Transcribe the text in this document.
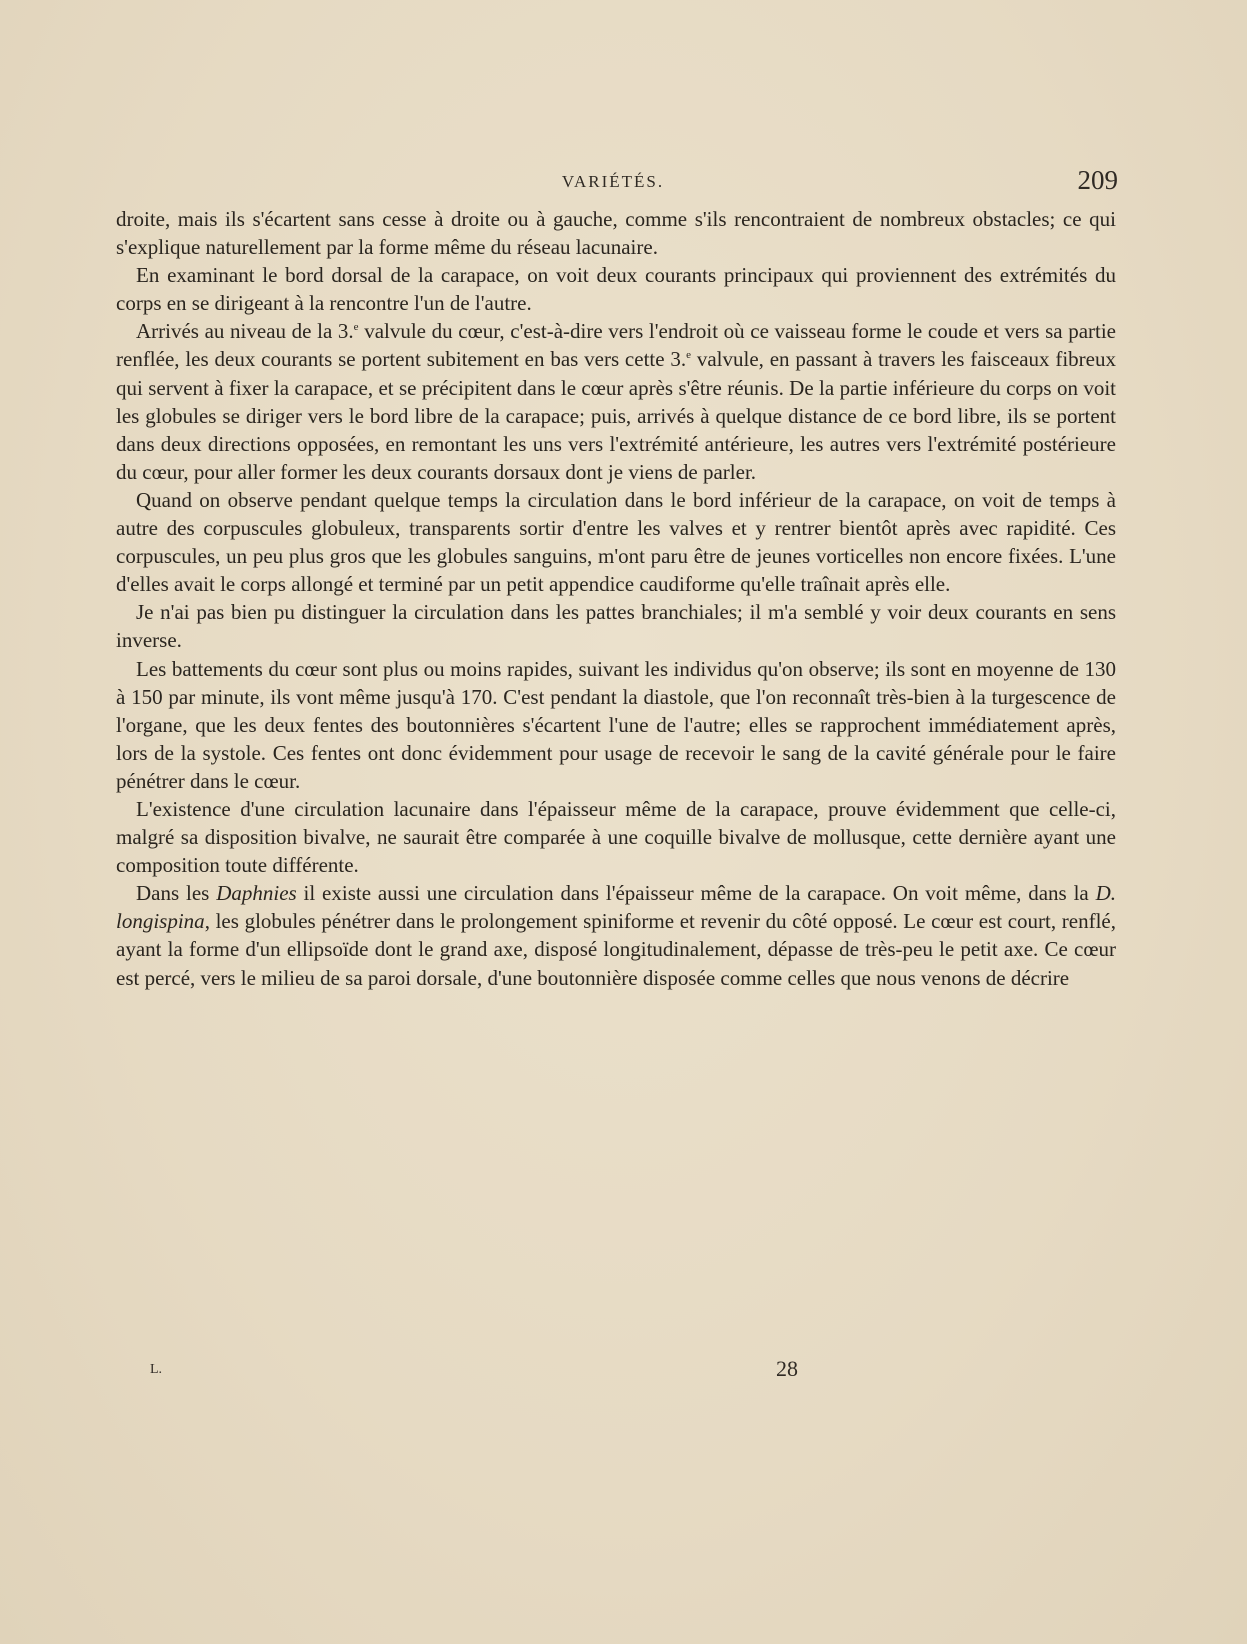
VARIÉTÉS.	209

droite, mais ils s'écartent sans cesse à droite ou à gauche, comme s'ils rencontraient de nombreux obstacles; ce qui s'explique naturellement par la forme même du réseau lacunaire.

En examinant le bord dorsal de la carapace, on voit deux courants principaux qui proviennent des extrémités du corps en se dirigeant à la rencontre l'un de l'autre.

Arrivés au niveau de la 3.$^e$ valvule du cœur, c'est-à-dire vers l'endroit où ce vaisseau forme le coude et vers sa partie renflée, les deux courants se portent subitement en bas vers cette 3.$^e$ valvule, en passant à travers les faisceaux fibreux qui servent à fixer la carapace, et se précipitent dans le cœur après s'être réunis. De la partie inférieure du corps on voit les globules se diriger vers le bord libre de la carapace; puis, arrivés à quelque distance de ce bord libre, ils se portent dans deux directions opposées, en remontant les uns vers l'extrémité antérieure, les autres vers l'extrémité postérieure du cœur, pour aller former les deux courants dorsaux dont je viens de parler.

Quand on observe pendant quelque temps la circulation dans le bord inférieur de la carapace, on voit de temps à autre des corpuscules globuleux, transparents sortir d'entre les valves et y rentrer bientôt après avec rapidité. Ces corpuscules, un peu plus gros que les globules sanguins, m'ont paru être de jeunes vorticelles non encore fixées. L'une d'elles avait le corps allongé et terminé par un petit appendice caudiforme qu'elle traînait après elle.

Je n'ai pas bien pu distinguer la circulation dans les pattes branchiales; il m'a semblé y voir deux courants en sens inverse.

Les battements du cœur sont plus ou moins rapides, suivant les individus qu'on observe; ils sont en moyenne de 130 à 150 par minute, ils vont même jusqu'à 170. C'est pendant la diastole, que l'on reconnaît très-bien à la turgescence de l'organe, que les deux fentes des boutonnières s'écartent l'une de l'autre; elles se rapprochent immédiatement après, lors de la systole. Ces fentes ont donc évidemment pour usage de recevoir le sang de la cavité générale pour le faire pénétrer dans le cœur.

L'existence d'une circulation lacunaire dans l'épaisseur même de la carapace, prouve évidemment que celle-ci, malgré sa disposition bivalve, ne saurait être comparée à une coquille bivalve de mollusque, cette dernière ayant une composition toute différente.

Dans les Daphnies il existe aussi une circulation dans l'épaisseur même de la carapace. On voit même, dans la D. longispina, les globules pénétrer dans le prolongement spiniforme et revenir du côté opposé. Le cœur est court, renflé, ayant la forme d'un ellipsoïde dont le grand axe, disposé longitudinalement, dépasse de très-peu le petit axe. Ce cœur est percé, vers le milieu de sa paroi dorsale, d'une boutonnière disposée comme celles que nous venons de décrire

L.	28
